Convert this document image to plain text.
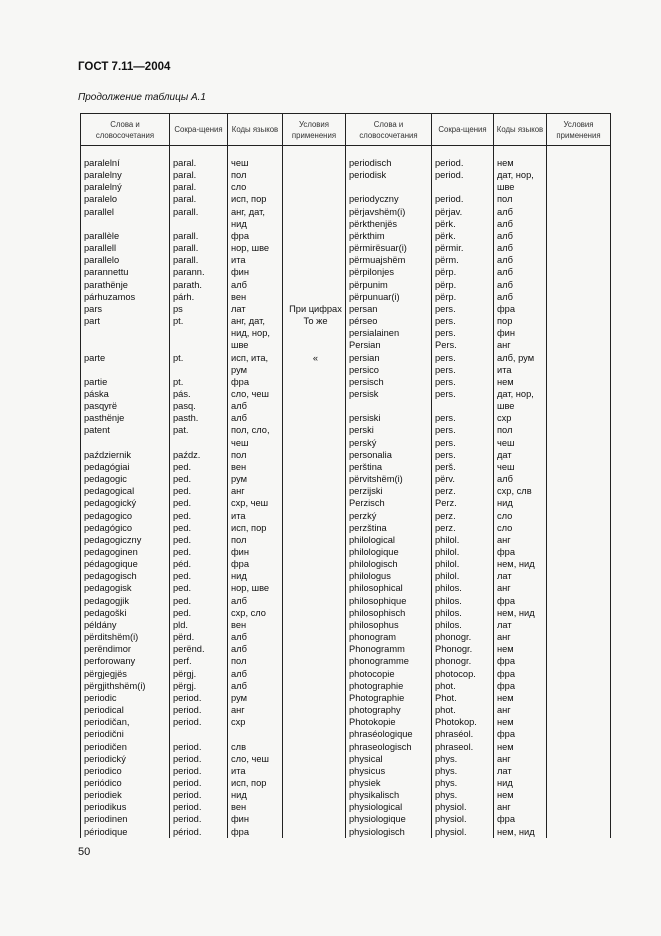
ГОСТ 7.11—2004
Продолжение таблицы А.1
Слова и словосочетания	Сокра-щения	Коды языков	Условия применения	Слова и словосочетания	Сокра-щения	Коды языков	Условия применения
paralelní	paral.	чеш		periodisch	period.	нем	
paralelny	paral.	пол		periodisk	period.	дат, нор,	
paralelný	paral.	сло				шве	
paralelo	paral.	исп, пор		periodyczny	period.	пол	
parallel	parall.	анг, дат,		përjavshëm(i)	përjav.	алб	
		нид		përkthenjës	përk.	алб	
parallèle	parall.	фра		përkthim	përk.	алб	
parallell	parall.	нор, шве		përmirësuar(i)	përmir.	алб	
parallelo	parall.	ита		përmuajshëm	përm.	алб	
parannettu	parann.	фин		përpilonjes	përp.	алб	
parathënje	parath.	алб		përpunim	përp.	алб	
párhuzamos	párh.	вен		përpunuar(i)	përp.	алб	
pars	ps	лат	При цифрах	persan	pers.	фра	
part	pt.	анг, дат,	То же	pérseo	pers.	пор	
		нид, нор,		persialainen	pers.	фин	
		шве		Persian	Pers.	анг	
parte	pt.	исп, ита,	«	persian	pers.	алб, рум	
		рум		persico	pers.	ита	
partie	pt.	фра		persisch	pers.	нем	
páska	pás.	сло, чеш		persisk	pers.	дат, нор,	
pasqyrë	pasq.	алб				шве	
pasthënje	pasth.	алб		persiski	pers.	схр	
patent	pat.	пол, сло,		perski	pers.	пол	
		чеш		perský	pers.	чеш	
październik	paźdz.	пол		personalia	pers.	дат	
pedagógiai	ped.	вен		perština	perš.	чеш	
pedagogic	ped.	рум		përvitshëm(i)	pёrv.	алб	
pedagogical	ped.	анг		perzijski	perz.	схр, слв	
pedagogický	ped.	схр, чеш		Perzisch	Perz.	нид	
pedagogico	ped.	ита		perzký	perz.	сло	
pedagógico	ped.	исп, пор		perzština	perz.	сло	
pedagogiczny	ped.	пол		philological	philol.	анг	
pedagoginen	ped.	фин		philologique	philol.	фра	
pédagogique	péd.	фра		philologisch	philol.	нем, нид	
pedagogisch	ped.	нид		philologus	philol.	лат	
pedagogisk	ped.	нор, шве		philosophical	philos.	анг	
pedagogjik	ped.	алб		philosophique	philos.	фра	
pedagoški	ped.	схр, сло		philosophisch	philos.	нем, нид	
példány	pld.	вен		philosophus	philos.	лат	
përditshëm(i)	përd.	алб		phonogram	phonogr.	анг	
perëndimor	perënd.	алб		Phonogramm	Phonogr.	нем	
perforowany	perf.	пол		phonogramme	phonogr.	фра	
përgjegjës	përgj.	алб		photocopie	photocop.	фра	
përgjithshëm(i)	përgj.	алб		photographie	phot.	фра	
periodic	period.	рум		Photographie	Phot.	нем	
periodical	period.	анг		photography	phot.	анг	
periodičan,	period.	схр		Photokopie	Photokop.	нем	
periodični				phraséologique	phraséol.	фра	
periodičen	period.	слв		phraseologisch	phraseol.	нем	
periodický	period.	сло, чеш		physical	phys.	анг	
periodico	period.	ита		physicus	phys.	лат	
periódico	period.	исп, пор		physiek	phys.	нид	
periodiek	period.	нид		physikalisch	phys.	нем	
periodikus	period.	вен		physiological	physiol.	анг	
periodinen	period.	фин		physiologique	physiol.	фра	
périodique	périod.	фра		physiologisch	physiol.	нем, нид	
50
